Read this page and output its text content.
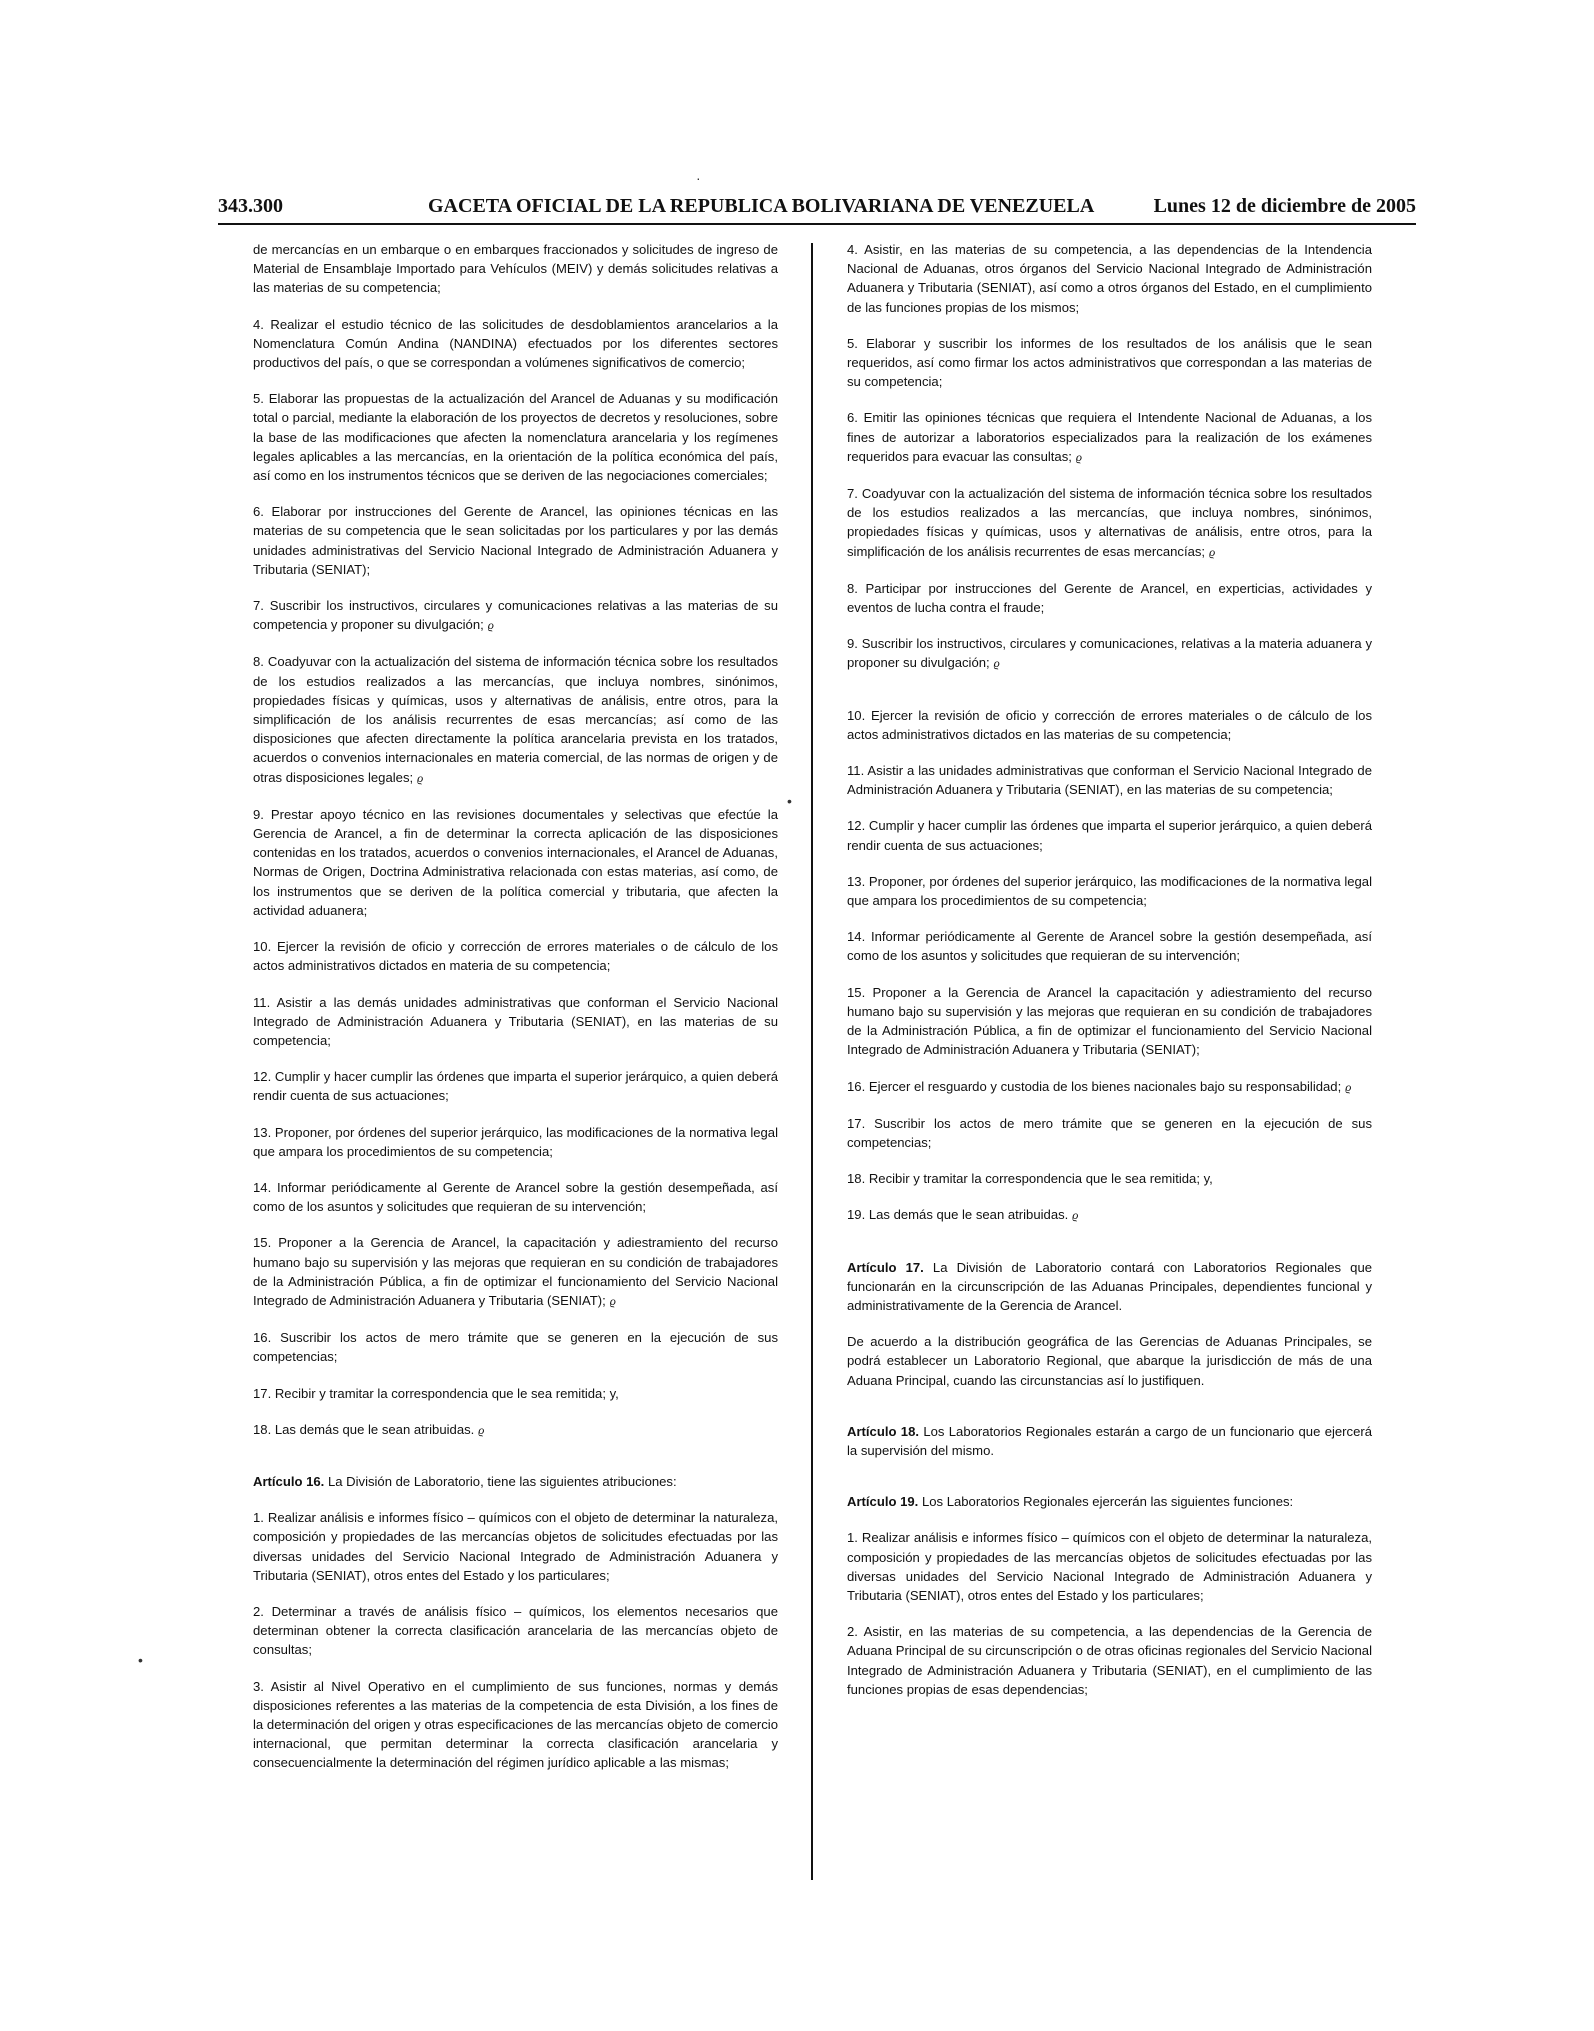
343.300	GACETA OFICIAL DE LA REPUBLICA BOLIVARIANA DE VENEZUELA	Lunes 12 de diciembre de 2005

de mercancías en un embarque o en embarques fraccionados y solicitudes de ingreso de Material de Ensamblaje Importado para Vehículos (MEIV) y demás solicitudes relativas a las materias de su competencia;

4. Realizar el estudio técnico de las solicitudes de desdoblamientos arancelarios a la Nomenclatura Común Andina (NANDINA) efectuados por los diferentes sectores productivos del país, o que se correspondan a volúmenes significativos de comercio;

5. Elaborar las propuestas de la actualización del Arancel de Aduanas y su modificación total o parcial, mediante la elaboración de los proyectos de decretos y resoluciones, sobre la base de las modificaciones que afecten la nomenclatura arancelaria y los regímenes legales aplicables a las mercancías, en la orientación de la política económica del país, así como en los instrumentos técnicos que se deriven de las negociaciones comerciales;

6. Elaborar por instrucciones del Gerente de Arancel, las opiniones técnicas en las materias de su competencia que le sean solicitadas por los particulares y por las demás unidades administrativas del Servicio Nacional Integrado de Administración Aduanera y Tributaria (SENIAT);

7. Suscribir los instructivos, circulares y comunicaciones relativas a las materias de su competencia y proponer su divulgación; ϱ

8. Coadyuvar con la actualización del sistema de información técnica sobre los resultados de los estudios realizados a las mercancías, que incluya nombres, sinónimos, propiedades físicas y químicas, usos y alternativas de análisis, entre otros, para la simplificación de los análisis recurrentes de esas mercancías; así como de las disposiciones que afecten directamente la política arancelaria prevista en los tratados, acuerdos o convenios internacionales en materia comercial, de las normas de origen y de otras disposiciones legales; ϱ

9. Prestar apoyo técnico en las revisiones documentales y selectivas que efectúe la Gerencia de Arancel, a fin de determinar la correcta aplicación de las disposiciones contenidas en los tratados, acuerdos o convenios internacionales, el Arancel de Aduanas, Normas de Origen, Doctrina Administrativa relacionada con estas materias, así como, de los instrumentos que se deriven de la política comercial y tributaria, que afecten la actividad aduanera;

10. Ejercer la revisión de oficio y corrección de errores materiales o de cálculo de los actos administrativos dictados en materia de su competencia;

11. Asistir a las demás unidades administrativas que conforman el Servicio Nacional Integrado de Administración Aduanera y Tributaria (SENIAT), en las materias de su competencia;

12. Cumplir y hacer cumplir las órdenes que imparta el superior jerárquico, a quien deberá rendir cuenta de sus actuaciones;

13. Proponer, por órdenes del superior jerárquico, las modificaciones de la normativa legal que ampara los procedimientos de su competencia;

14. Informar periódicamente al Gerente de Arancel sobre la gestión desempeñada, así como de los asuntos y solicitudes que requieran de su intervención;

15. Proponer a la Gerencia de Arancel, la capacitación y adiestramiento del recurso humano bajo su supervisión y las mejoras que requieran en su condición de trabajadores de la Administración Pública, a fin de optimizar el funcionamiento del Servicio Nacional Integrado de Administración Aduanera y Tributaria (SENIAT); ϱ

16. Suscribir los actos de mero trámite que se generen en la ejecución de sus competencias;

17. Recibir y tramitar la correspondencia que le sea remitida; y,

18. Las demás que le sean atribuidas. ϱ

Artículo 16. La División de Laboratorio, tiene las siguientes atribuciones:

1. Realizar análisis e informes físico – químicos con el objeto de determinar la naturaleza, composición y propiedades de las mercancías objetos de solicitudes efectuadas por las diversas unidades del Servicio Nacional Integrado de Administración Aduanera y Tributaria (SENIAT), otros entes del Estado y los particulares;

2. Determinar a través de análisis físico – químicos, los elementos necesarios que determinan obtener la correcta clasificación arancelaria de las mercancías objeto de consultas;

3. Asistir al Nivel Operativo en el cumplimiento de sus funciones, normas y demás disposiciones referentes a las materias de la competencia de esta División, a los fines de la determinación del origen y otras especificaciones de las mercancías objeto de comercio internacional, que permitan determinar la correcta clasificación arancelaria y consecuencialmente la determinación del régimen jurídico aplicable a las mismas;

4. Asistir, en las materias de su competencia, a las dependencias de la Intendencia Nacional de Aduanas, otros órganos del Servicio Nacional Integrado de Administración Aduanera y Tributaria (SENIAT), así como a otros órganos del Estado, en el cumplimiento de las funciones propias de los mismos;

5. Elaborar y suscribir los informes de los resultados de los análisis que le sean requeridos, así como firmar los actos administrativos que correspondan a las materias de su competencia;

6. Emitir las opiniones técnicas que requiera el Intendente Nacional de Aduanas, a los fines de autorizar a laboratorios especializados para la realización de los exámenes requeridos para evacuar las consultas; ϱ

7. Coadyuvar con la actualización del sistema de información técnica sobre los resultados de los estudios realizados a las mercancías, que incluya nombres, sinónimos, propiedades físicas y químicas, usos y alternativas de análisis, entre otros, para la simplificación de los análisis recurrentes de esas mercancías; ϱ

8. Participar por instrucciones del Gerente de Arancel, en experticias, actividades y eventos de lucha contra el fraude;

9. Suscribir los instructivos, circulares y comunicaciones, relativas a la materia aduanera y proponer su divulgación; ϱ

10. Ejercer la revisión de oficio y corrección de errores materiales o de cálculo de los actos administrativos dictados en las materias de su competencia;

11. Asistir a las unidades administrativas que conforman el Servicio Nacional Integrado de Administración Aduanera y Tributaria (SENIAT), en las materias de su competencia;

12. Cumplir y hacer cumplir las órdenes que imparta el superior jerárquico, a quien deberá rendir cuenta de sus actuaciones;

13. Proponer, por órdenes del superior jerárquico, las modificaciones de la normativa legal que ampara los procedimientos de su competencia;

14. Informar periódicamente al Gerente de Arancel sobre la gestión desempeñada, así como de los asuntos y solicitudes que requieran de su intervención;

15. Proponer a la Gerencia de Arancel la capacitación y adiestramiento del recurso humano bajo su supervisión y las mejoras que requieran en su condición de trabajadores de la Administración Pública, a fin de optimizar el funcionamiento del Servicio Nacional Integrado de Administración Aduanera y Tributaria (SENIAT);

16. Ejercer el resguardo y custodia de los bienes nacionales bajo su responsabilidad; ϱ

17. Suscribir los actos de mero trámite que se generen en la ejecución de sus competencias;

18. Recibir y tramitar la correspondencia que le sea remitida; y,

19. Las demás que le sean atribuidas. ϱ

Artículo 17. La División de Laboratorio contará con Laboratorios Regionales que funcionarán en la circunscripción de las Aduanas Principales, dependientes funcional y administrativamente de la Gerencia de Arancel.

De acuerdo a la distribución geográfica de las Gerencias de Aduanas Principales, se podrá establecer un Laboratorio Regional, que abarque la jurisdicción de más de una Aduana Principal, cuando las circunstancias así lo justifiquen.

Artículo 18. Los Laboratorios Regionales estarán a cargo de un funcionario que ejercerá la supervisión del mismo.

Artículo 19. Los Laboratorios Regionales ejercerán las siguientes funciones:

1. Realizar análisis e informes físico – químicos con el objeto de determinar la naturaleza, composición y propiedades de las mercancías objetos de solicitudes efectuadas por las diversas unidades del Servicio Nacional Integrado de Administración Aduanera y Tributaria (SENIAT), otros entes del Estado y los particulares;

2. Asistir, en las materias de su competencia, a las dependencias de la Gerencia de Aduana Principal de su circunscripción o de otras oficinas regionales del Servicio Nacional Integrado de Administración Aduanera y Tributaria (SENIAT), en el cumplimiento de las funciones propias de esas dependencias;

•
·
•
